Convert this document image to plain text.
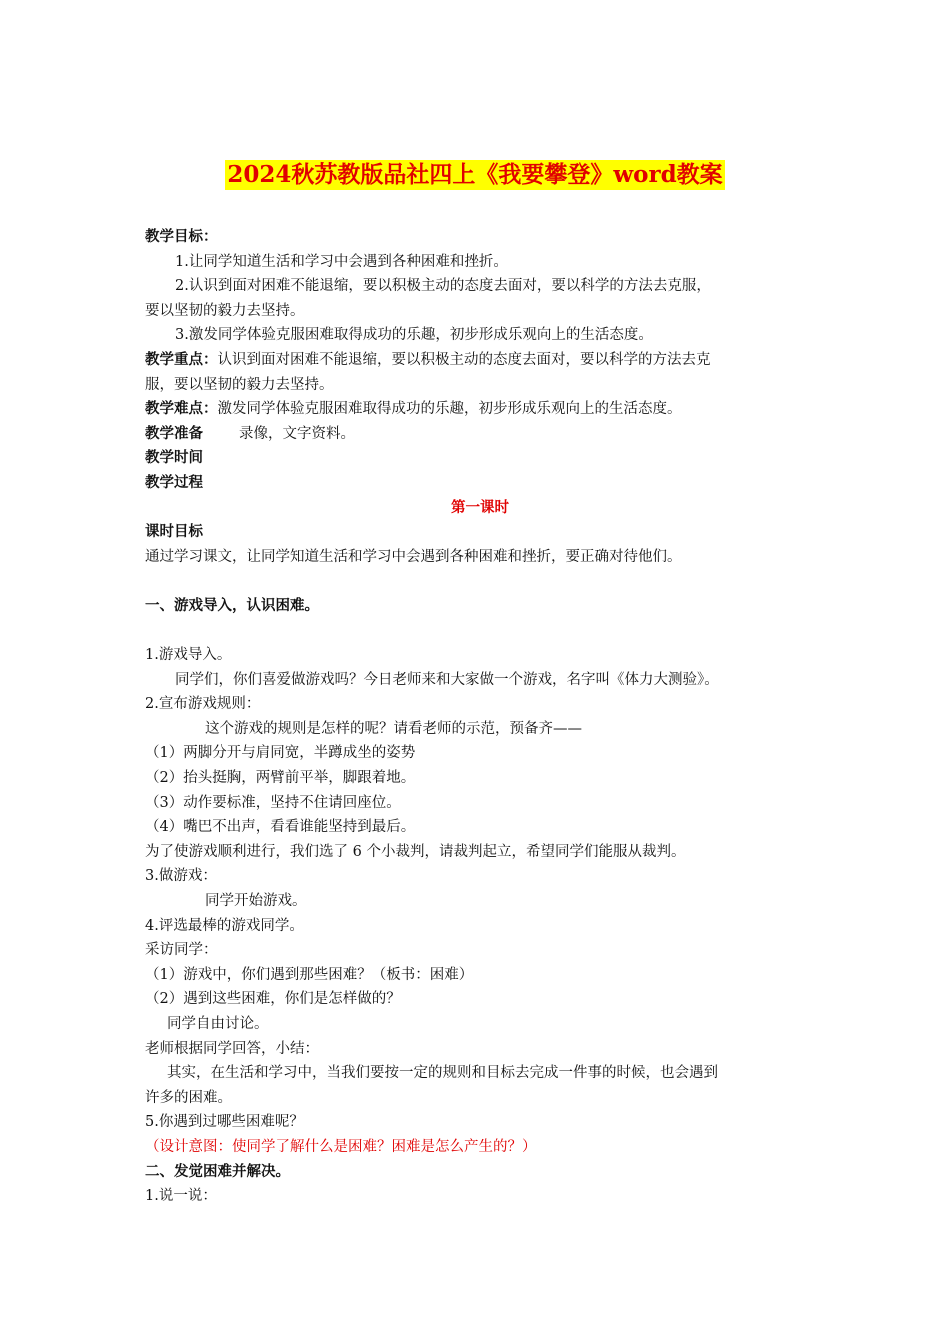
2024秋苏教版品社四上《我要攀登》word教案
教学目标：
1.让同学知道生活和学习中会遇到各种困难和挫折。
2.认识到面对困难不能退缩，要以积极主动的态度去面对，要以科学的方法去克服，
要以坚韧的毅力去坚持。
3.激发同学体验克服困难取得成功的乐趣，初步形成乐观向上的生活态度。
教学重点：认识到面对困难不能退缩，要以积极主动的态度去面对，要以科学的方法去克
服，要以坚韧的毅力去坚持。
教学难点：激发同学体验克服困难取得成功的乐趣，初步形成乐观向上的生活态度。
教学准备 录像，文字资料。
教学时间
教学过程
第一课时
课时目标
通过学习课文，让同学知道生活和学习中会遇到各种困难和挫折，要正确对待他们。
一、游戏导入，认识困难。
1.游戏导入。
同学们，你们喜爱做游戏吗？今日老师来和大家做一个游戏，名字叫《体力大测验》。
2.宣布游戏规则：
这个游戏的规则是怎样的呢？请看老师的示范，预备齐——
（1）两脚分开与肩同宽，半蹲成坐的姿势
（2）抬头挺胸，两臂前平举，脚跟着地。
（3）动作要标准，坚持不住请回座位。
（4）嘴巴不出声，看看谁能坚持到最后。
为了使游戏顺利进行，我们选了 6 个小裁判，请裁判起立，希望同学们能服从裁判。
3.做游戏：
同学开始游戏。
4.评选最棒的游戏同学。
采访同学：
（1）游戏中，你们遇到那些困难？（板书：困难）
（2）遇到这些困难，你们是怎样做的？
同学自由讨论。
老师根据同学回答，小结：
其实，在生活和学习中，当我们要按一定的规则和目标去完成一件事的时候，也会遇到
许多的困难。
5.你遇到过哪些困难呢？
（设计意图：使同学了解什么是困难？困难是怎么产生的？）
二、发觉困难并解决。
1.说一说：
